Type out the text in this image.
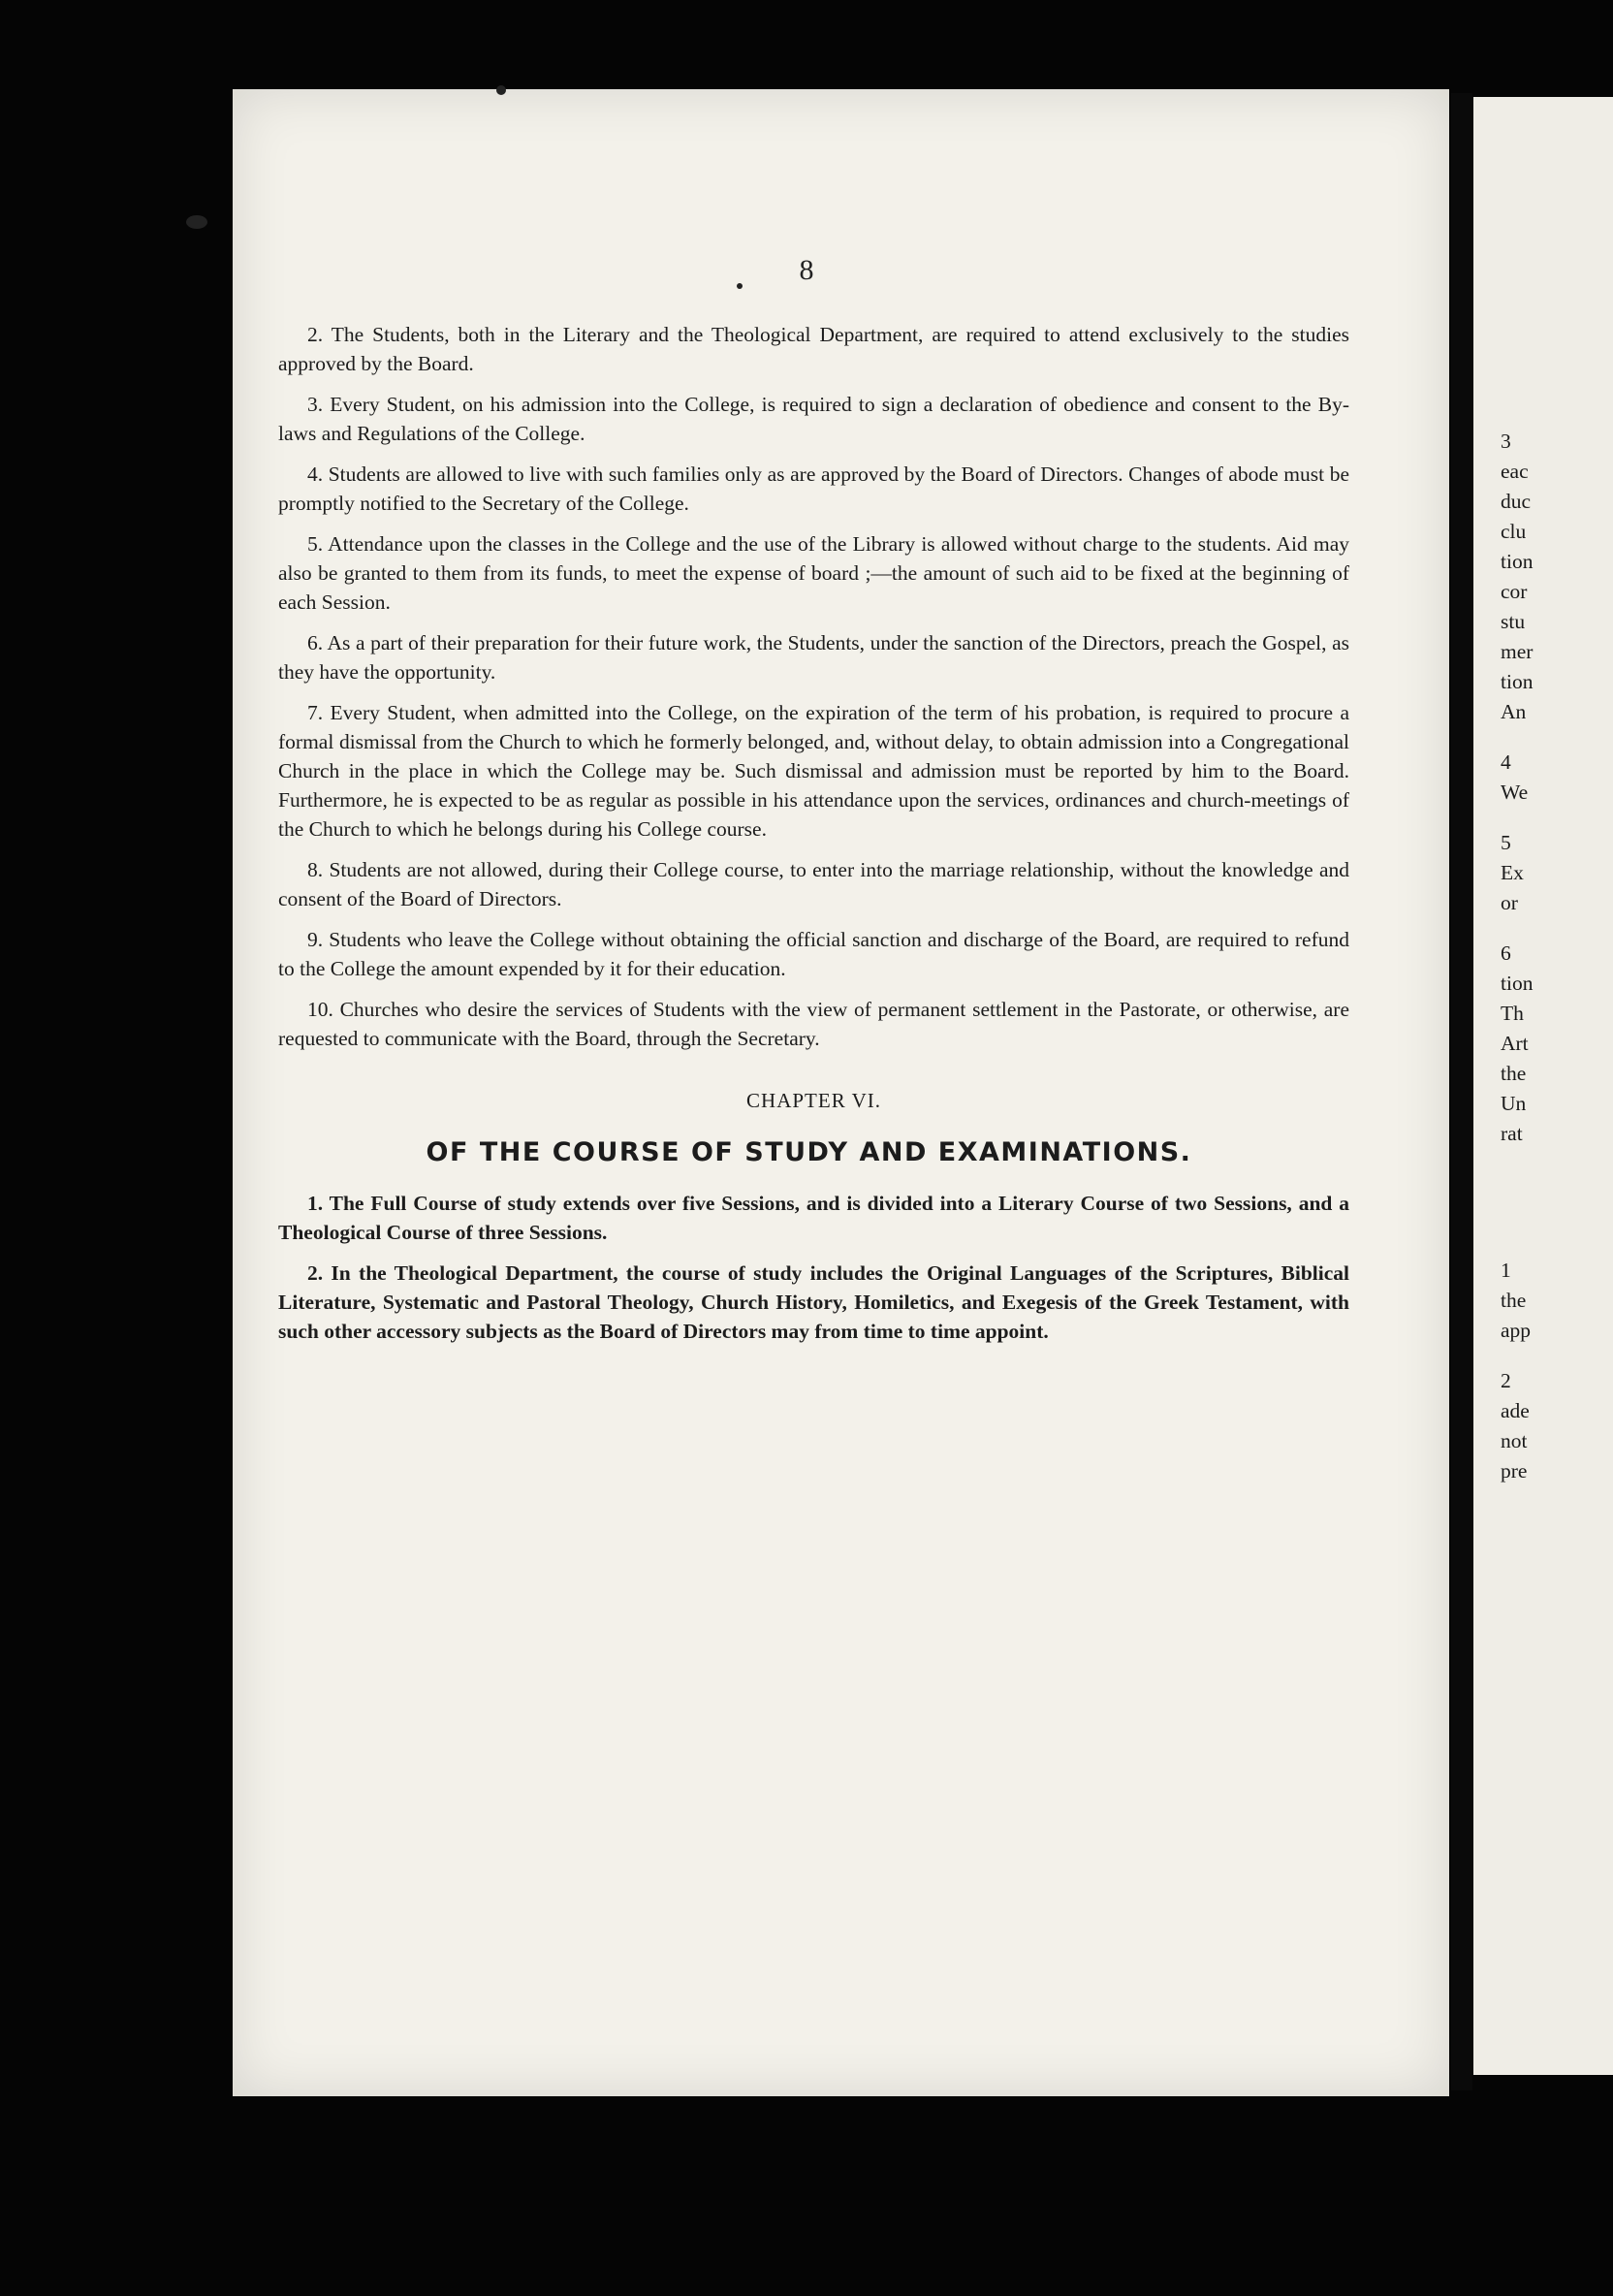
8

2. The Students, both in the Literary and the Theological Department, are required to attend exclusively to the studies approved by the Board.

3. Every Student, on his admission into the College, is required to sign a declaration of obedience and consent to the By-laws and Regulations of the College.

4. Students are allowed to live with such families only as are approved by the Board of Directors. Changes of abode must be promptly notified to the Secretary of the College.

5. Attendance upon the classes in the College and the use of the Library is allowed without charge to the students. Aid may also be granted to them from its funds, to meet the expense of board ;—the amount of such aid to be fixed at the beginning of each Session.

6. As a part of their preparation for their future work, the Students, under the sanction of the Directors, preach the Gospel, as they have the opportunity.

7. Every Student, when admitted into the College, on the expiration of the term of his probation, is required to procure a formal dismissal from the Church to which he formerly belonged, and, without delay, to obtain admission into a Congregational Church in the place in which the College may be. Such dismissal and admission must be reported by him to the Board. Furthermore, he is expected to be as regular as possible in his attendance upon the services, ordinances and church-meetings of the Church to which he belongs during his College course.

8. Students are not allowed, during their College course, to enter into the marriage relationship, without the knowledge and consent of the Board of Directors.

9. Students who leave the College without obtaining the official sanction and discharge of the Board, are required to refund to the College the amount expended by it for their education.

10. Churches who desire the services of Students with the view of permanent settlement in the Pastorate, or otherwise, are requested to communicate with the Board, through the Secretary.

CHAPTER VI.
OF THE COURSE OF STUDY AND EXAMINATIONS.

1. The Full Course of study extends over five Sessions, and is divided into a Literary Course of two Sessions, and a Theological Course of three Sessions.

2. In the Theological Department, the course of study includes the Original Languages of the Scriptures, Biblical Literature, Systematic and Pastoral Theology, Church History, Homiletics, and Exegesis of the Greek Testament, with such other accessory subjects as the Board of Directors may from time to time appoint.

3

eac

duc

clu

tion

cor

stu

mer

tion

An

4

We

5

Ex

or

6

tion

Th

Art

the

Un

rat

1

the

app

2

ade

not

pre
